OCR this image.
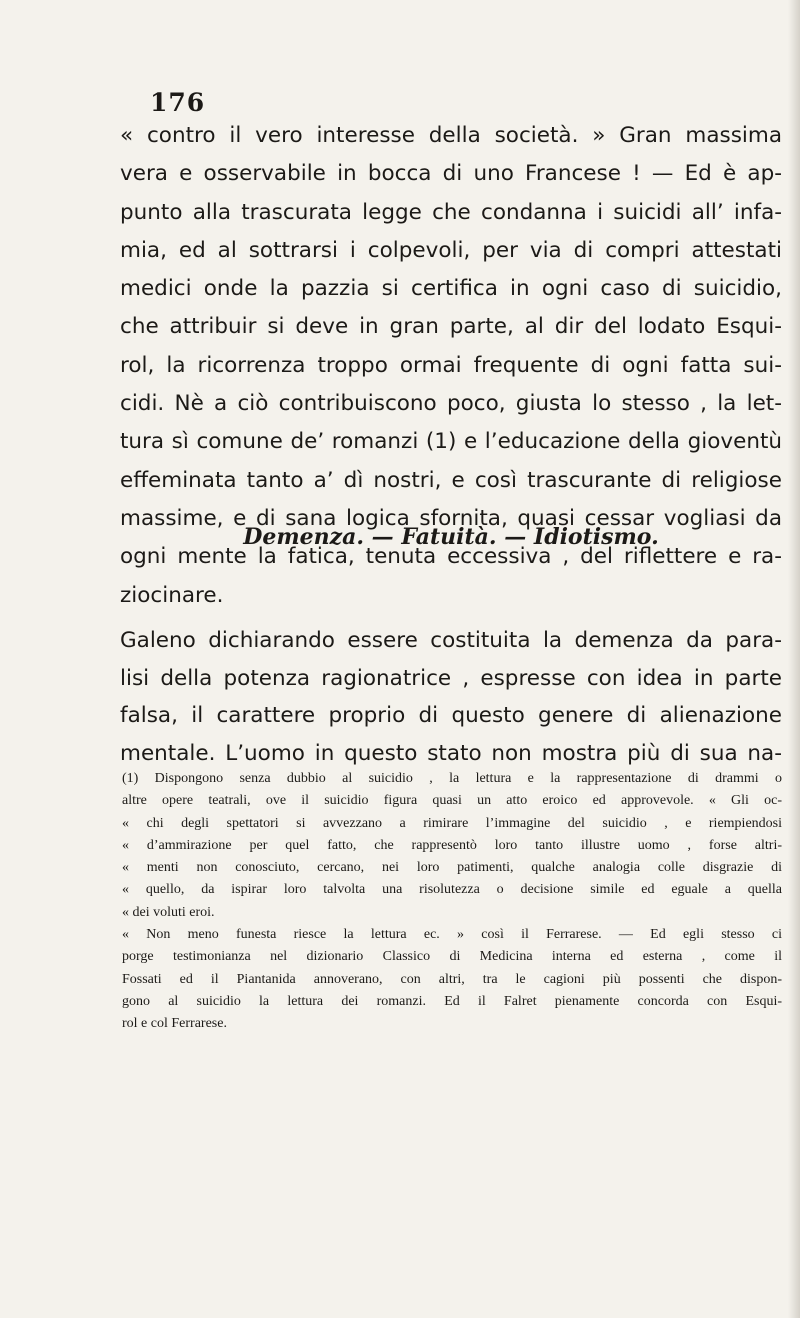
176
« contro il vero interesse della società. » Gran massima
vera e osservabile in bocca di uno Francese ! — Ed è ap-
punto alla trascurata legge che condanna i suicidi all’ infa-
mia, ed al sottrarsi i colpevoli, per via di compri attestati
medici onde la pazzia si certifica in ogni caso di suicidio,
che attribuir si deve in gran parte, al dir del lodato Esqui-
rol, la ricorrenza troppo ormai frequente di ogni fatta sui-
cidi. Nè a ciò contribuiscono poco, giusta lo stesso , la let-
tura sì comune de’ romanzi (1) e l’educazione della gioventù
effeminata tanto a’ dì nostri, e così trascurante di religiose
massime, e di sana logica sfornita, quasi cessar vogliasi da
ogni mente la fatica, tenuta eccessiva , del riflettere e ra-
ziocinare.
Demenza. — Fatuità. — Idiotismo.
Galeno dichiarando essere costituita la demenza da para-
lisi della potenza ragionatrice , espresse con idea in parte
falsa, il carattere proprio di questo genere di alienazione
mentale. L’uomo in questo stato non mostra più di sua na-
(1) Dispongono senza dubbio al suicidio , la lettura e la rappresentazione di drammi o
altre opere teatrali, ove il suicidio figura quasi un atto eroico ed approvevole. « Gli oc-
« chi degli spettatori si avvezzano a rimirare l’immagine del suicidio , e riempiendosi
« d’ammirazione per quel fatto, che rappresentò loro tanto illustre uomo , forse altri-
« menti non conosciuto, cercano, nei loro patimenti, qualche analogia colle disgrazie di
« quello, da ispirar loro talvolta una risolutezza o decisione simile ed eguale a quella
« dei voluti eroi.
« Non meno funesta riesce la lettura ec. » così il Ferrarese. — Ed egli stesso ci
porge testimonianza nel dizionario Classico di Medicina interna ed esterna , come il
Fossati ed il Piantanida annoverano, con altri, tra le cagioni più possenti che dispon-
gono al suicidio la lettura dei romanzi. Ed il Falret pienamente concorda con Esqui-
rol e col Ferrarese.
